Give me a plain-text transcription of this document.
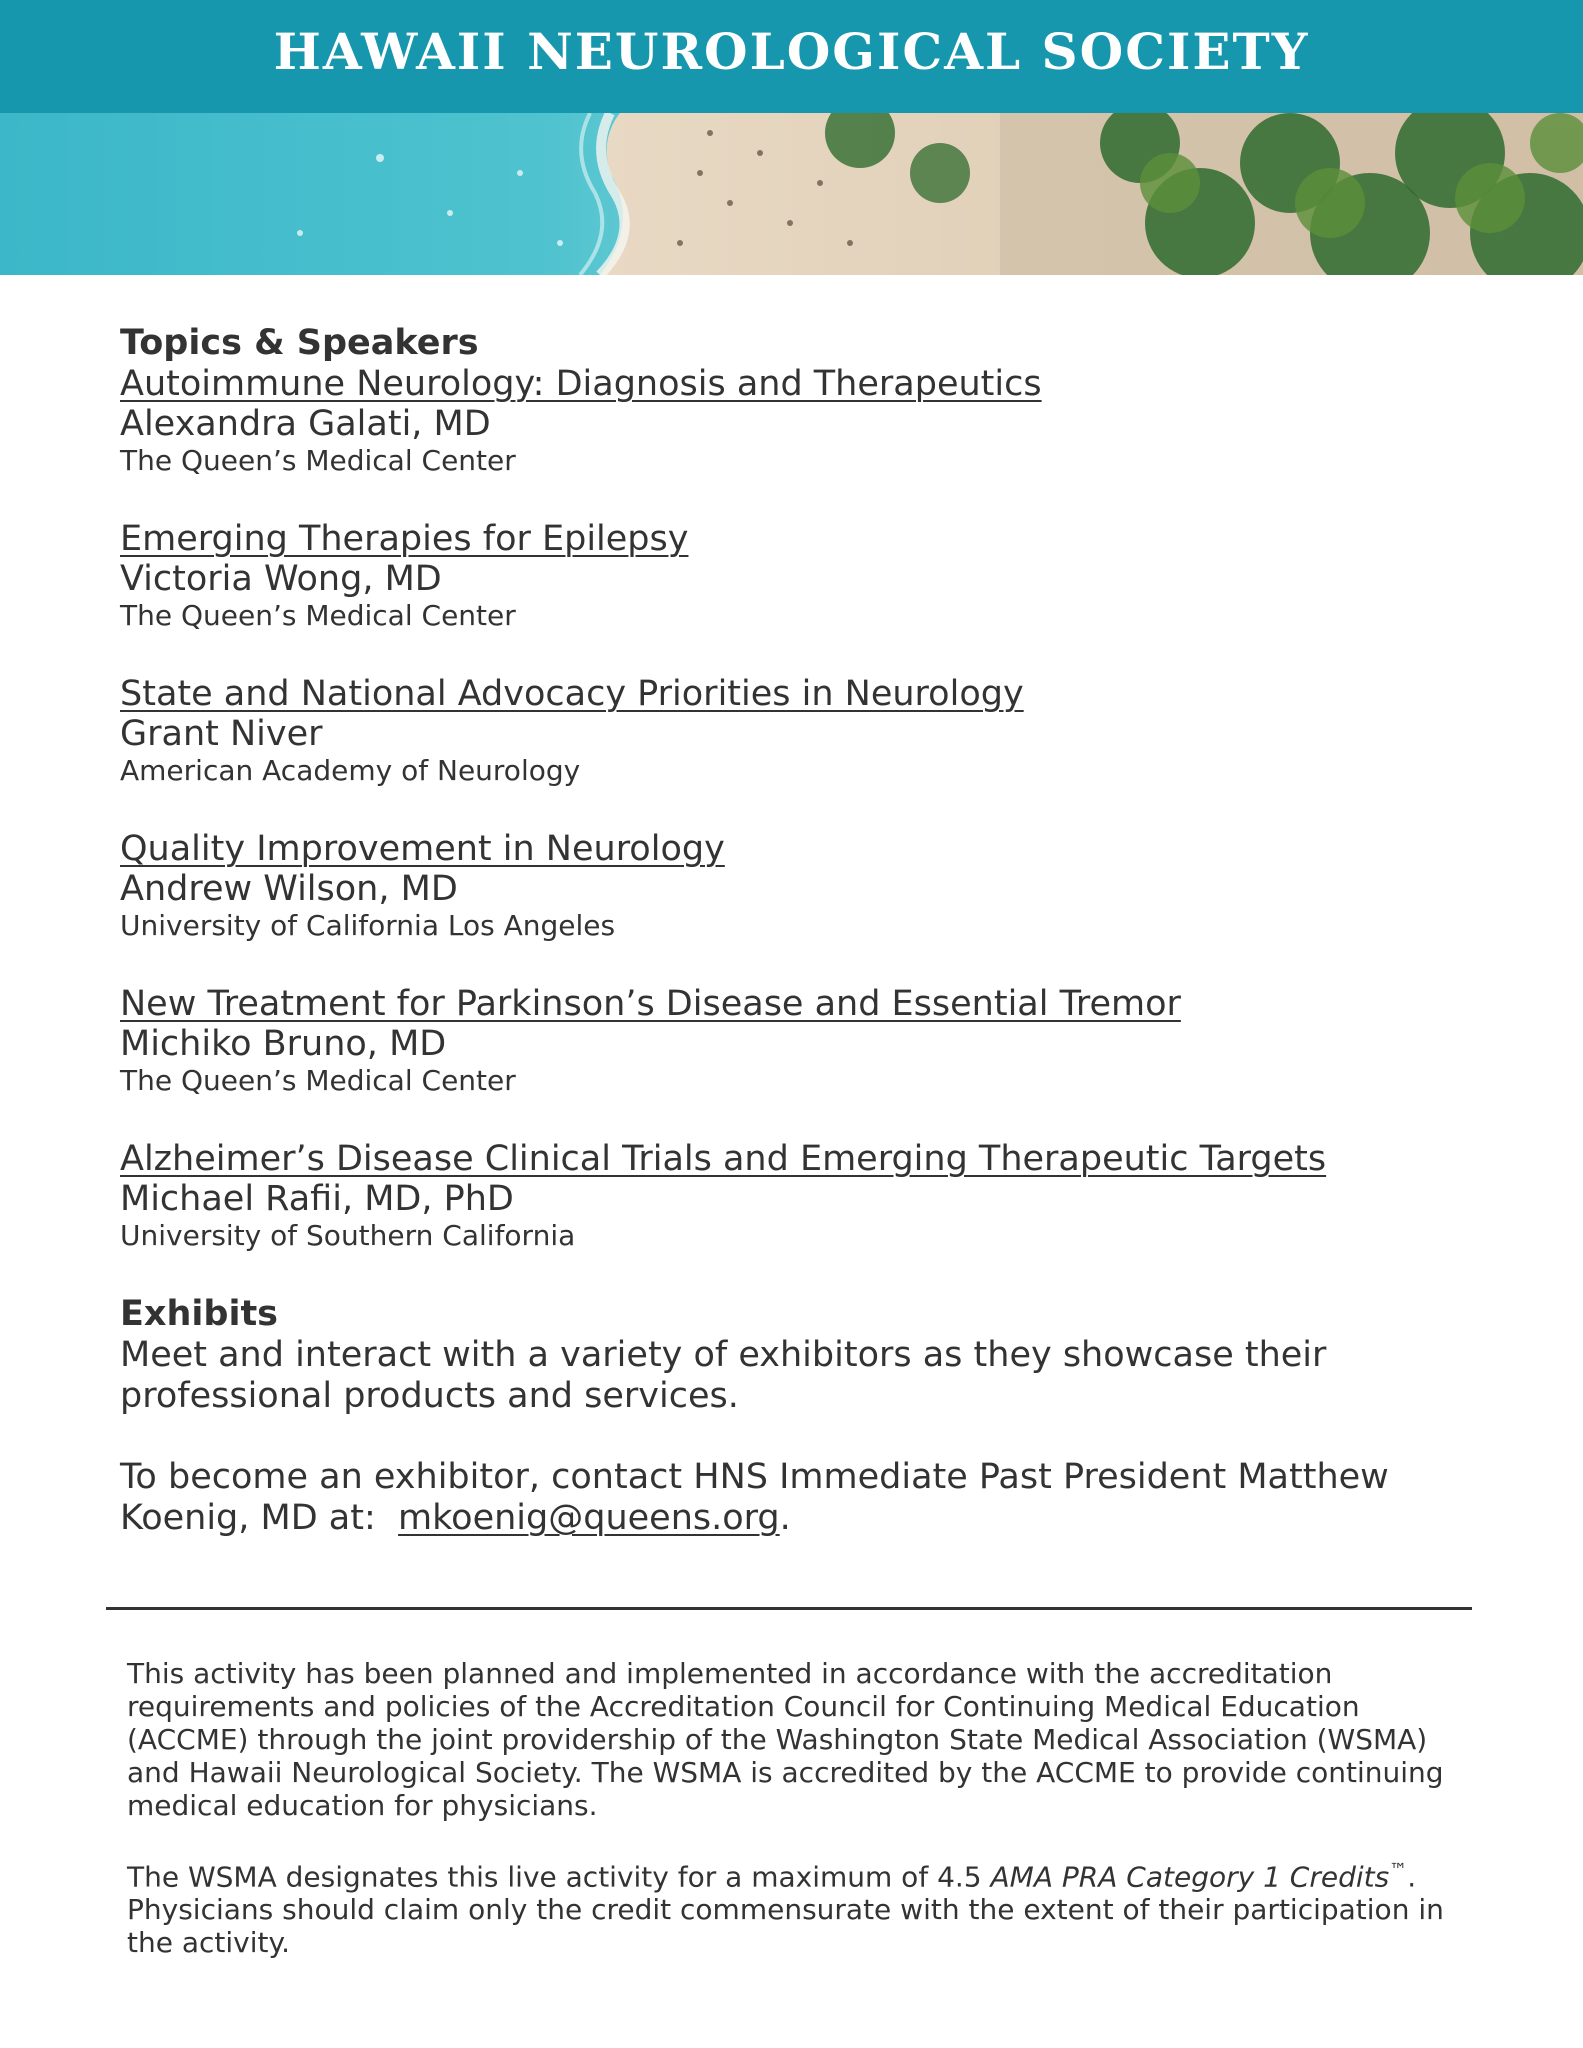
HAWAII NEUROLOGICAL SOCIETY
Topics & Speakers
Autoimmune Neurology: Diagnosis and Therapeutics
Alexandra Galati, MD
The Queen’s Medical Center
Emerging Therapies for Epilepsy
Victoria Wong, MD
The Queen’s Medical Center
State and National Advocacy Priorities in Neurology
Grant Niver
American Academy of Neurology
Quality Improvement in Neurology
Andrew Wilson, MD
University of California Los Angeles
New Treatment for Parkinson’s Disease and Essential Tremor
Michiko Bruno, MD
The Queen’s Medical Center
Alzheimer’s Disease Clinical Trials and Emerging Therapeutic Targets
Michael Rafii, MD, PhD
University of Southern California
Exhibits
Meet and interact with a variety of exhibitors as they showcase their professional products and services.
To become an exhibitor, contact HNS Immediate Past President Matthew Koenig, MD at: mkoenig@queens.org.
This activity has been planned and implemented in accordance with the accreditation requirements and policies of the Accreditation Council for Continuing Medical Education (ACCME) through the joint providership of the Washington State Medical Association (WSMA) and Hawaii Neurological Society. The WSMA is accredited by the ACCME to provide continuing medical education for physicians.
The WSMA designates this live activity for a maximum of 4.5 AMA PRA Category 1 Credits™. Physicians should claim only the credit commensurate with the extent of their participation in the activity.
